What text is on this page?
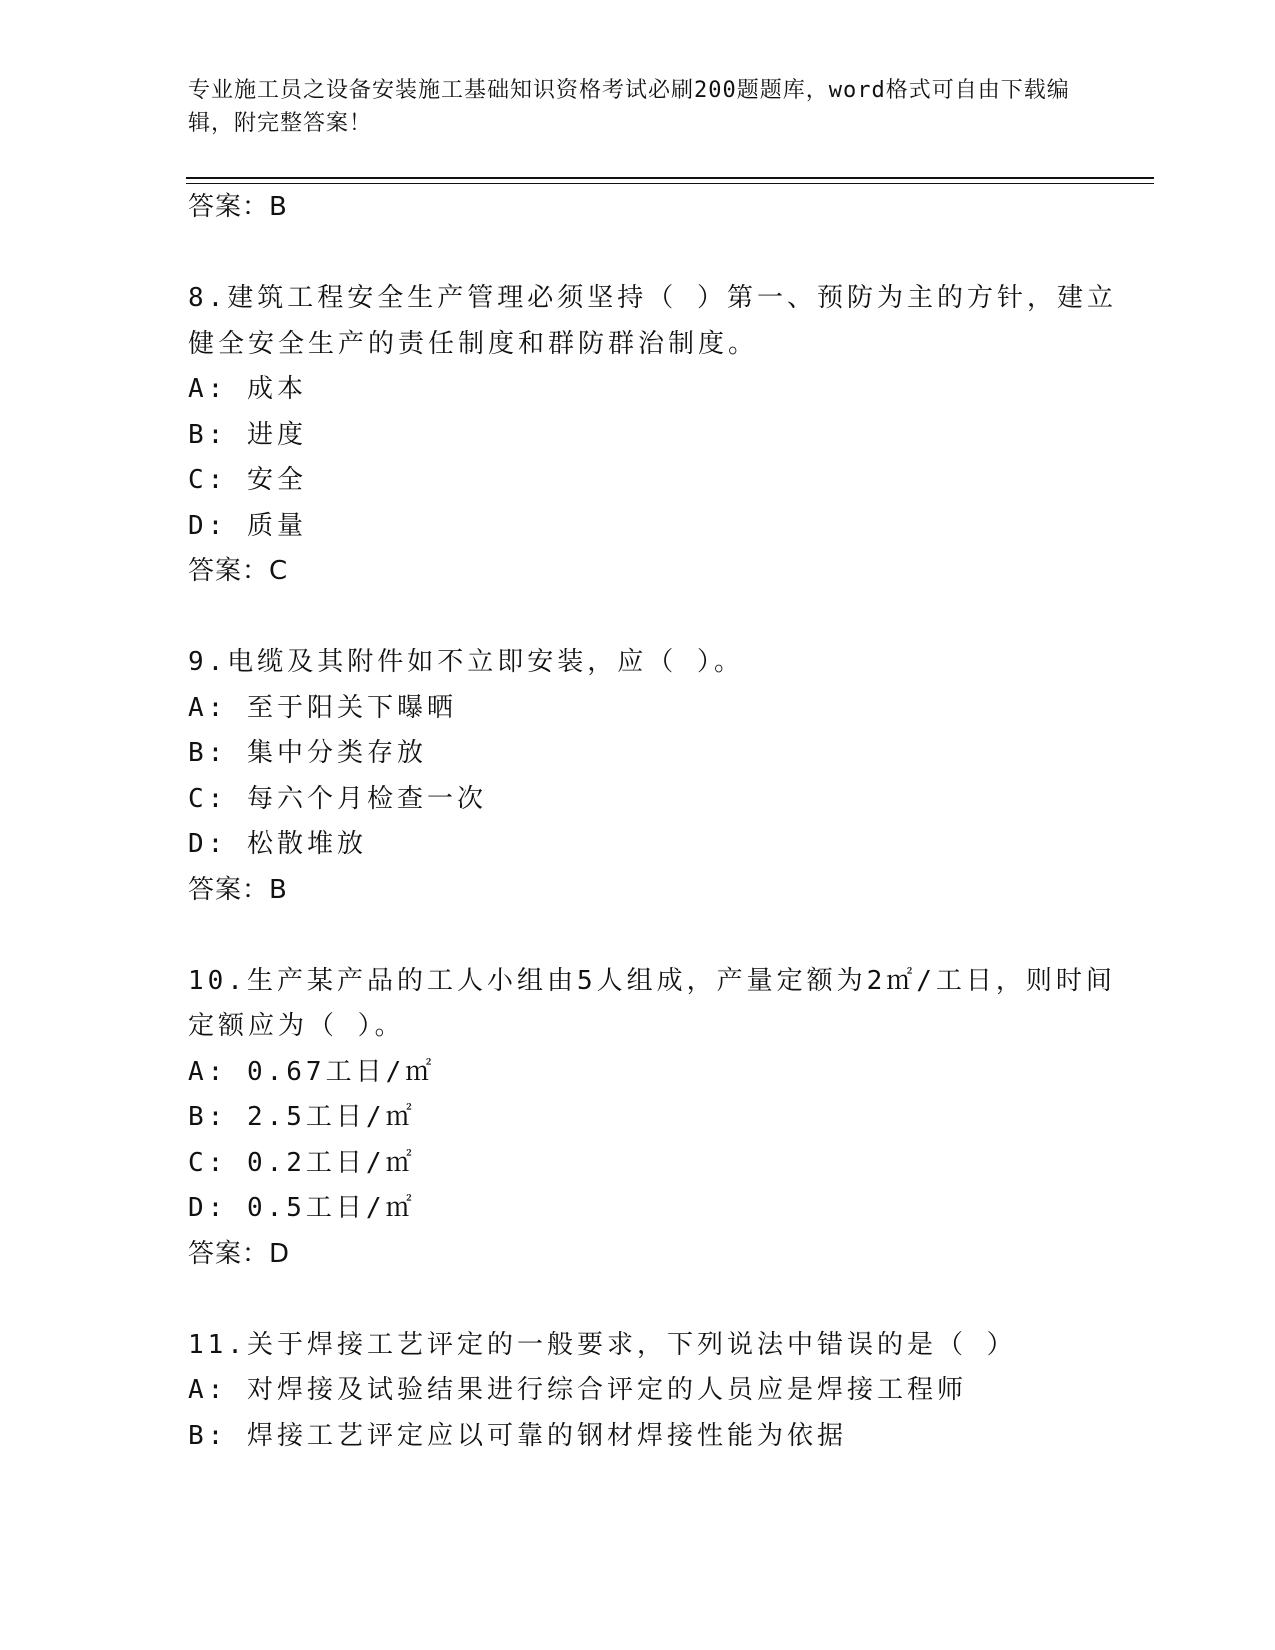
专业施工员之设备安装施工基础知识资格考试必刷200题题库，word格式可自由下载编辑，附完整答案！
答案：B
8.建筑工程安全生产管理必须坚持（ ）第一、预防为主的方针，建立健全安全生产的责任制度和群防群治制度。
A: 成本
B: 进度
C: 安全
D: 质量
答案：C
9.电缆及其附件如不立即安装，应（ ）。
A: 至于阳关下曝晒
B: 集中分类存放
C: 每六个月检查一次
D: 松散堆放
答案：B
10.生产某产品的工人小组由5人组成，产量定额为2㎡/工日，则时间定额应为（ ）。
A: 0.67工日/㎡
B: 2.5工日/㎡
C: 0.2工日/㎡
D: 0.5工日/㎡
答案：D
11.关于焊接工艺评定的一般要求，下列说法中错误的是（ ）
A: 对焊接及试验结果进行综合评定的人员应是焊接工程师
B: 焊接工艺评定应以可靠的钢材焊接性能为依据
